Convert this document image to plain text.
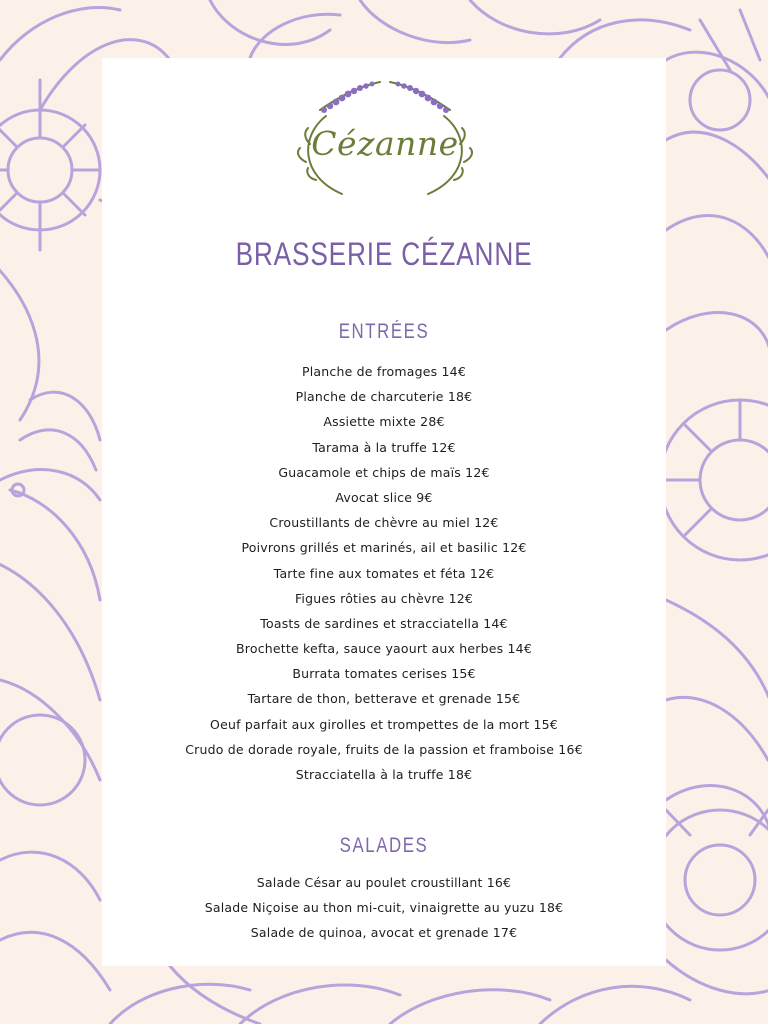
Cézanne
BRASSERIE CÉZANNE
ENTRÉES
Planche de fromages 14€
Planche de charcuterie 18€
Assiette mixte 28€
Tarama à la truffe 12€
Guacamole et chips de maïs 12€
Avocat slice 9€
Croustillants de chèvre au miel 12€
Poivrons grillés et marinés, ail et basilic 12€
Tarte fine aux tomates et féta 12€
Figues rôties au chèvre 12€
Toasts de sardines et stracciatella 14€
Brochette kefta, sauce yaourt aux herbes 14€
Burrata tomates cerises 15€
Tartare de thon, betterave et grenade 15€
Oeuf parfait aux girolles et trompettes de la mort 15€
Crudo de dorade royale, fruits de la passion et framboise 16€
Stracciatella à la truffe 18€
SALADES
Salade César au poulet croustillant 16€
Salade Niçoise au thon mi-cuit, vinaigrette au yuzu 18€
Salade de quinoa, avocat et grenade 17€
